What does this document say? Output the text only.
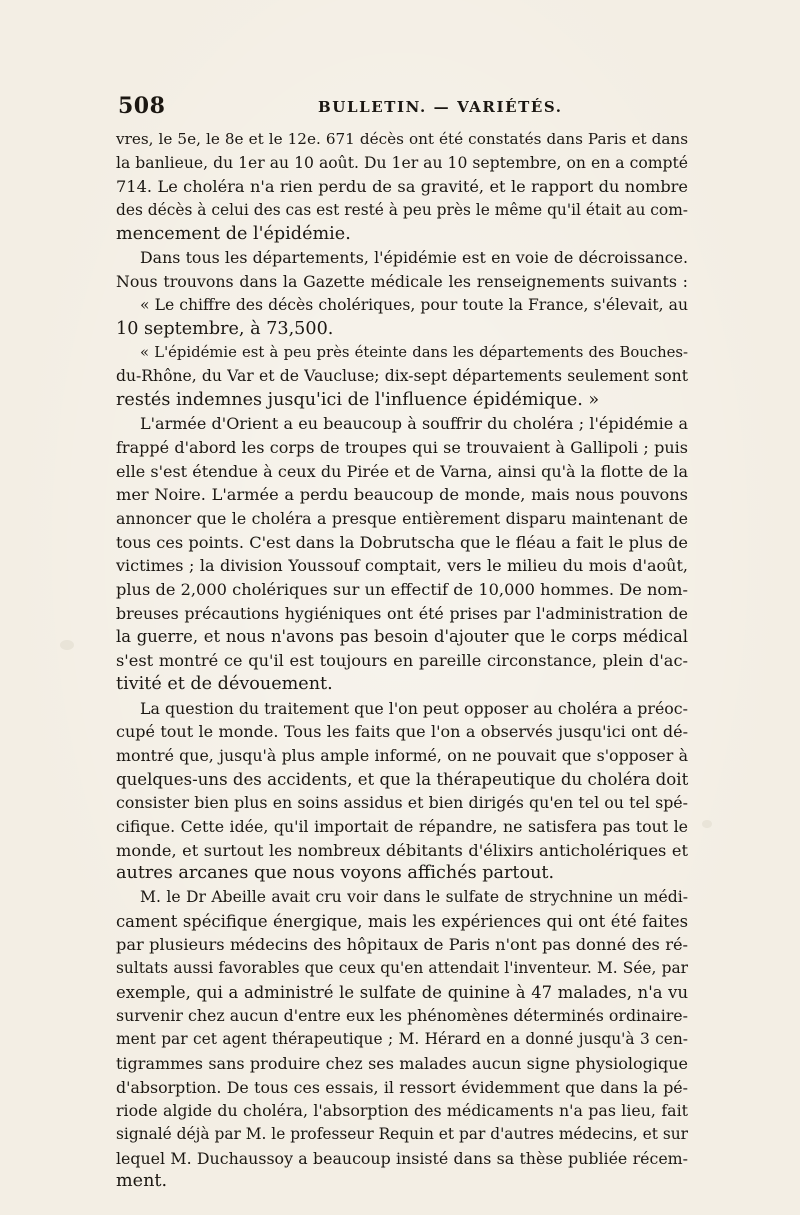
508	BULLETIN. — VARIÉTÉS.
vres, le 5e, le 8e et le 12e. 671 décès ont été constatés dans Paris et dans
la banlieue, du 1er au 10 août. Du 1er au 10 septembre, on en a compté
714. Le choléra n'a rien perdu de sa gravité, et le rapport du nombre
des décès à celui des cas est resté à peu près le même qu'il était au com-
mencement de l'épidémie.
Dans tous les départements, l'épidémie est en voie de décroissance.
Nous trouvons dans la Gazette médicale les renseignements suivants :
« Le chiffre des décès cholériques, pour toute la France, s'élevait, au
10 septembre, à 73,500.
« L'épidémie est à peu près éteinte dans les départements des Bouches-
du-Rhône, du Var et de Vaucluse; dix-sept départements seulement sont
restés indemnes jusqu'ici de l'influence épidémique. »
L'armée d'Orient a eu beaucoup à souffrir du choléra ; l'épidémie a
frappé d'abord les corps de troupes qui se trouvaient à Gallipoli ; puis
elle s'est étendue à ceux du Pirée et de Varna, ainsi qu'à la flotte de la
mer Noire. L'armée a perdu beaucoup de monde, mais nous pouvons
annoncer que le choléra a presque entièrement disparu maintenant de
tous ces points. C'est dans la Dobrutscha que le fléau a fait le plus de
victimes ; la division Youssouf comptait, vers le milieu du mois d'août,
plus de 2,000 cholériques sur un effectif de 10,000 hommes. De nom-
breuses précautions hygiéniques ont été prises par l'administration de
la guerre, et nous n'avons pas besoin d'ajouter que le corps médical
s'est montré ce qu'il est toujours en pareille circonstance, plein d'ac-
tivité et de dévouement.
La question du traitement que l'on peut opposer au choléra a préoc-
cupé tout le monde. Tous les faits que l'on a observés jusqu'ici ont dé-
montré que, jusqu'à plus ample informé, on ne pouvait que s'opposer à
quelques-uns des accidents, et que la thérapeutique du choléra doit
consister bien plus en soins assidus et bien dirigés qu'en tel ou tel spé-
cifique. Cette idée, qu'il importait de répandre, ne satisfera pas tout le
monde, et surtout les nombreux débitants d'élixirs anticholériques et
autres arcanes que nous voyons affichés partout.
M. le Dr Abeille avait cru voir dans le sulfate de strychnine un médi-
cament spécifique énergique, mais les expériences qui ont été faites
par plusieurs médecins des hôpitaux de Paris n'ont pas donné des ré-
sultats aussi favorables que ceux qu'en attendait l'inventeur. M. Sée, par
exemple, qui a administré le sulfate de quinine à 47 malades, n'a vu
survenir chez aucun d'entre eux les phénomènes déterminés ordinaire-
ment par cet agent thérapeutique ; M. Hérard en a donné jusqu'à 3 cen-
tigrammes sans produire chez ses malades aucun signe physiologique
d'absorption. De tous ces essais, il ressort évidemment que dans la pé-
riode algide du choléra, l'absorption des médicaments n'a pas lieu, fait
signalé déjà par M. le professeur Requin et par d'autres médecins, et sur
lequel M. Duchaussoy a beaucoup insisté dans sa thèse publiée récem-
ment.
